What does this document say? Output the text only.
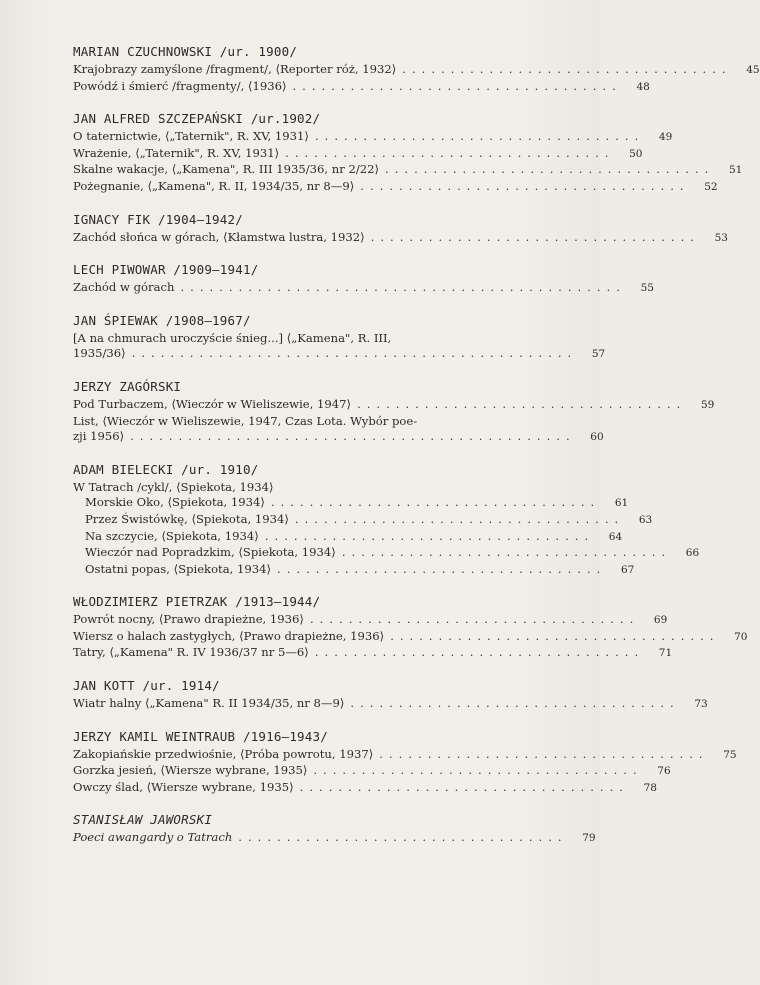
MARIAN CZUCHNOWSKI /ur. 1900/
Krajobrazy zamyślone /fragment/, ⟨Reporter róż, 1932⟩ ..................................	45
Powódź i śmierć /fragmenty/, ⟨1936⟩ ..................................	48
JAN ALFRED SZCZEPAŃSKI /ur.1902/
O taternictwie, ⟨„Taternik", R. XV, 1931⟩ ..................................	49
Wrażenie, ⟨„Taternik", R. XV, 1931⟩ ..................................	50
Skalne wakacje, ⟨„Kamena", R. III 1935/36, nr 2/22⟩ ..................................	51
Pożegnanie, ⟨„Kamena", R. II, 1934/35, nr 8—9⟩ ..................................	52
IGNACY FIK /1904—1942/
Zachód słońca w górach, ⟨Kłamstwa lustra, 1932⟩ ..................................	53
LECH PIWOWAR /1909—1941/
Zachód w górach ..............................................	55
JAN ŚPIEWAK /1908—1967/
[A na chmurach uroczyście śnieg...] ⟨„Kamena", R. III,
1935/36⟩ ..............................................	57
JERZY ZAGÓRSKI
Pod Turbaczem, ⟨Wieczór w Wieliszewie, 1947⟩ ..................................	59
List, ⟨Wieczór w Wieliszewie, 1947, Czas Lota. Wybór poe-
zji 1956⟩ ..............................................	60
ADAM BIELECKI /ur. 1910/
W Tatrach /cykl/, ⟨Spiekota, 1934⟩
Morskie Oko, ⟨Spiekota, 1934⟩ ..................................	61
Przez Świstówkę, ⟨Spiekota, 1934⟩ ..................................	63
Na szczycie, ⟨Spiekota, 1934⟩ ..................................	64
Wieczór nad Popradzkim, ⟨Spiekota, 1934⟩ ..................................	66
Ostatni popas, ⟨Spiekota, 1934⟩ ..................................	67
WŁODZIMIERZ PIETRZAK /1913—1944/
Powrót nocny, ⟨Prawo drapieżne, 1936⟩ ..................................	69
Wiersz o halach zastygłych, ⟨Prawo drapieżne, 1936⟩ ..................................	70
Tatry, ⟨„Kamena" R. IV 1936/37 nr 5—6⟩ ..................................	71
JAN KOTT /ur. 1914/
Wiatr halny ⟨„Kamena" R. II 1934/35, nr 8—9⟩ ..................................	73
JERZY KAMIL WEINTRAUB /1916—1943/
Zakopiańskie przedwiośnie, ⟨Próba powrotu, 1937⟩ ..................................	75
Gorzka jesień, ⟨Wiersze wybrane, 1935⟩ ..................................	76
Owczy ślad, ⟨Wiersze wybrane, 1935⟩ ..................................	78
STANISŁAW JAWORSKI
Poeci awangardy o Tatrach ..................................	79
